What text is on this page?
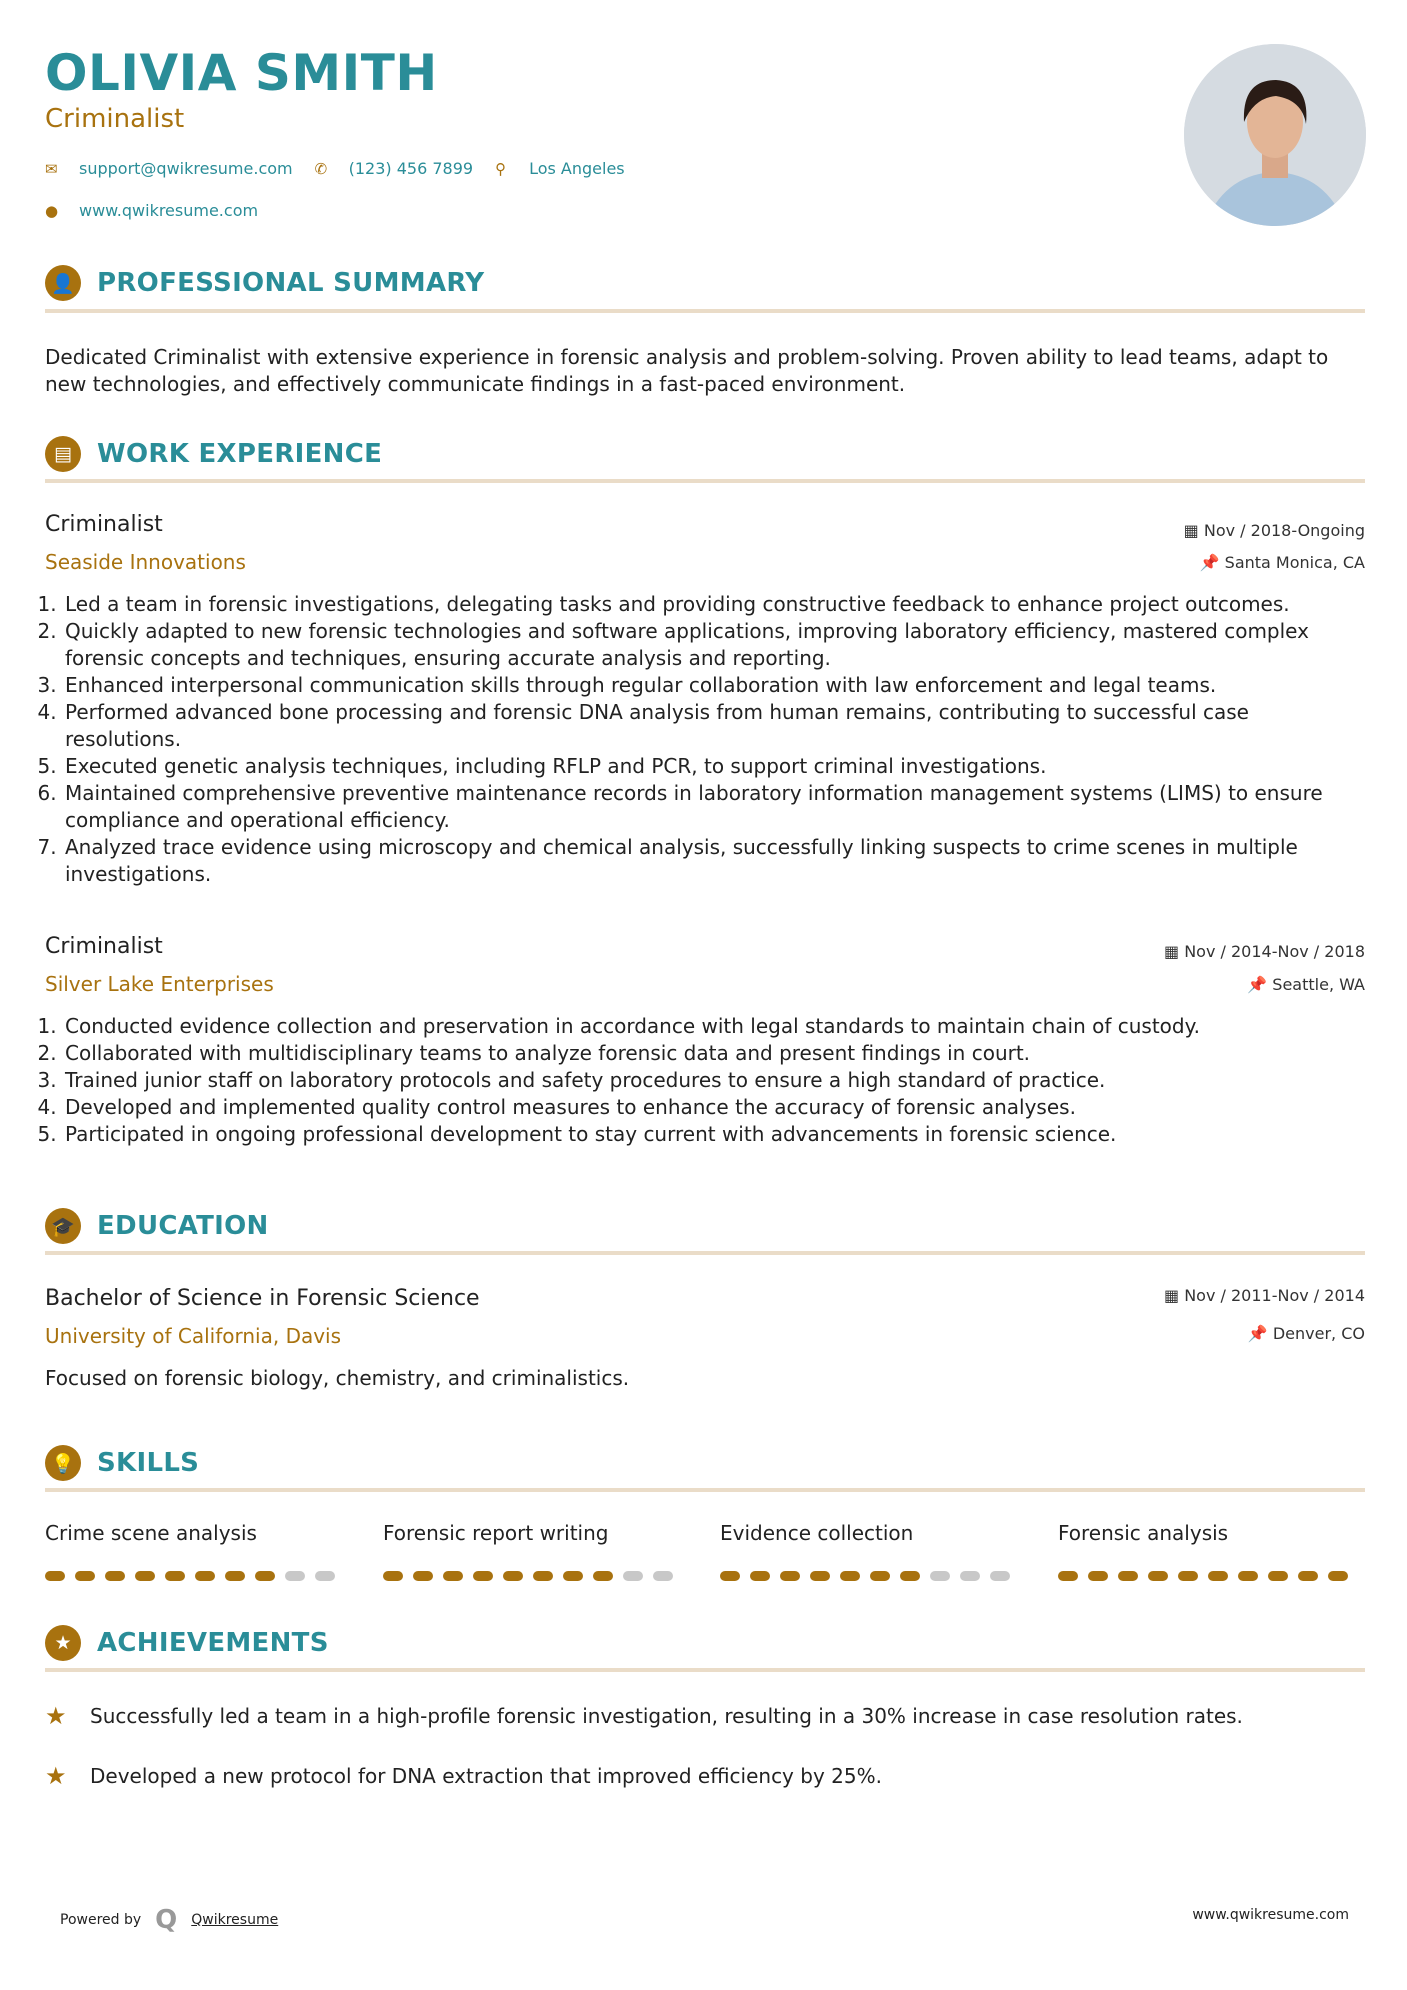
OLIVIA SMITH
Criminalist
✉	support@qwikresume.com ✆	(123) 456 7899 ⚲	Los Angeles
●	www.qwikresume.com
👤 PROFESSIONAL SUMMARY
Dedicated Criminalist with extensive experience in forensic analysis and problem-solving. Proven ability to lead teams, adapt to new technologies, and effectively communicate findings in a fast-paced environment.
▤ WORK EXPERIENCE
Criminalist	▦ Nov / 2018-Ongoing
Seaside Innovations	📌 Santa Monica, CA
1. Led a team in forensic investigations, delegating tasks and providing constructive feedback to enhance project outcomes.
2. Quickly adapted to new forensic technologies and software applications, improving laboratory efficiency, mastered complex forensic concepts and techniques, ensuring accurate analysis and reporting.
3. Enhanced interpersonal communication skills through regular collaboration with law enforcement and legal teams.
4. Performed advanced bone processing and forensic DNA analysis from human remains, contributing to successful case resolutions.
5. Executed genetic analysis techniques, including RFLP and PCR, to support criminal investigations.
6. Maintained comprehensive preventive maintenance records in laboratory information management systems (LIMS) to ensure compliance and operational efficiency.
7. Analyzed trace evidence using microscopy and chemical analysis, successfully linking suspects to crime scenes in multiple investigations.
Criminalist	▦ Nov / 2014-Nov / 2018
Silver Lake Enterprises	📌 Seattle, WA
1. Conducted evidence collection and preservation in accordance with legal standards to maintain chain of custody.
2. Collaborated with multidisciplinary teams to analyze forensic data and present findings in court.
3. Trained junior staff on laboratory protocols and safety procedures to ensure a high standard of practice.
4. Developed and implemented quality control measures to enhance the accuracy of forensic analyses.
5. Participated in ongoing professional development to stay current with advancements in forensic science.
🎓 EDUCATION
Bachelor of Science in Forensic Science	▦ Nov / 2011-Nov / 2014
University of California, Davis	📌 Denver, CO
Focused on forensic biology, chemistry, and criminalistics.
💡 SKILLS
Crime scene analysis	Forensic report writing	Evidence collection	Forensic analysis
★ ACHIEVEMENTS
★	Successfully led a team in a high-profile forensic investigation, resulting in a 30% increase in case resolution rates.
★	Developed a new protocol for DNA extraction that improved efficiency by 25%.
Powered by Q Qwikresume	www.qwikresume.com
